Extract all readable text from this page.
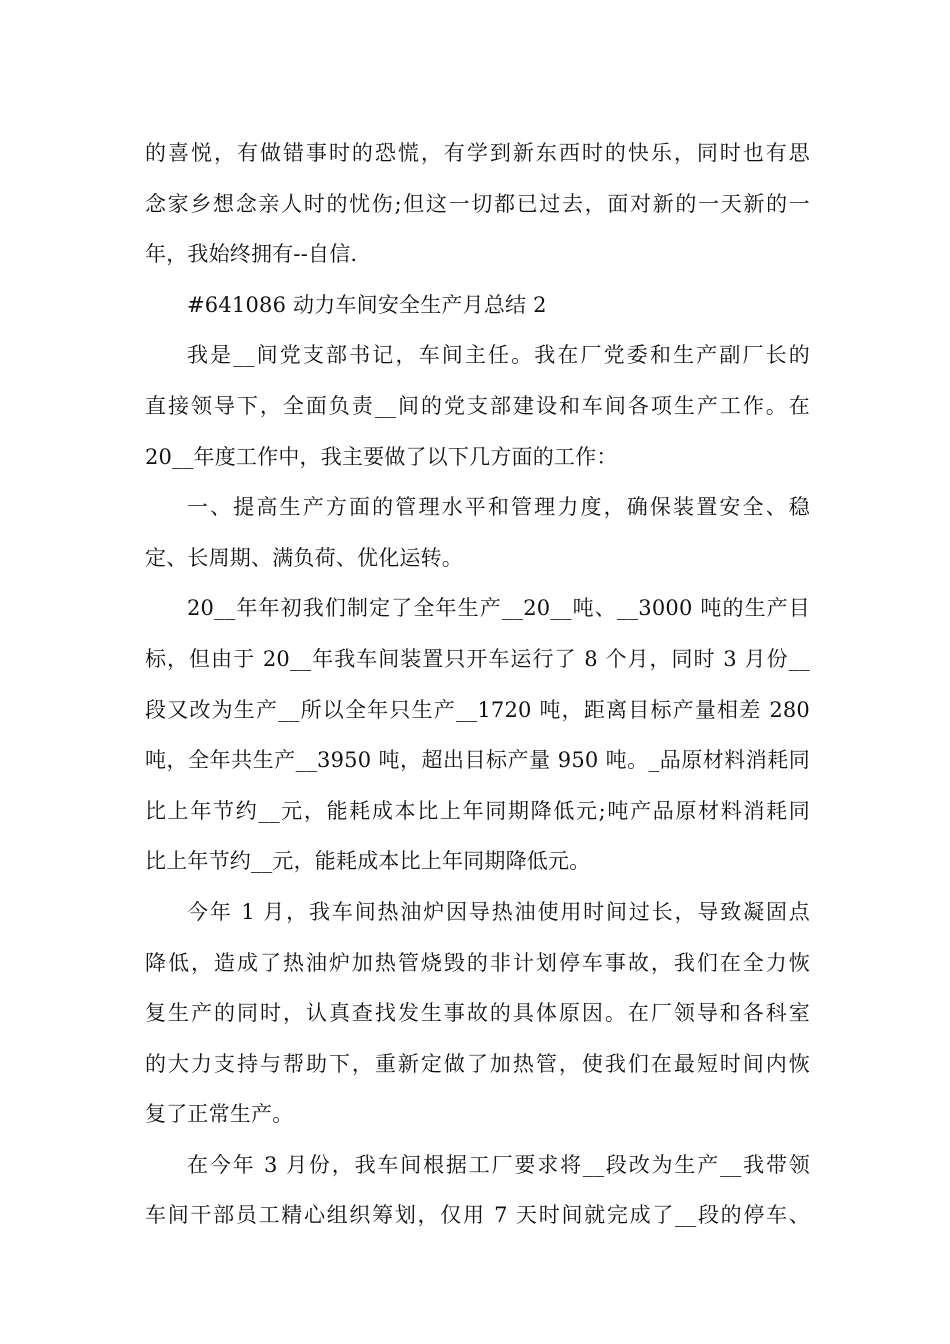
的喜悦，有做错事时的恐慌，有学到新东西时的快乐，同时也有思
念家乡想念亲人时的忧伤;但这一切都已过去，面对新的一天新的一
年，我始终拥有--自信.
#641086 动力车间安全生产月总结 2
我是__间党支部书记，车间主任。我在厂党委和生产副厂长的
直接领导下，全面负责__间的党支部建设和车间各项生产工作。在
20__年度工作中，我主要做了以下几方面的工作：
一、提高生产方面的管理水平和管理力度，确保装置安全、稳
定、长周期、满负荷、优化运转。
20__年年初我们制定了全年生产__20__吨、__3000 吨的生产目
标，但由于 20__年我车间装置只开车运行了 8 个月，同时 3 月份__
段又改为生产__所以全年只生产__1720 吨，距离目标产量相差 280
吨，全年共生产__3950 吨，超出目标产量 950 吨。_品原材料消耗同
比上年节约__元，能耗成本比上年同期降低元;吨产品原材料消耗同
比上年节约__元，能耗成本比上年同期降低元。
今年 1 月，我车间热油炉因导热油使用时间过长，导致凝固点
降低，造成了热油炉加热管烧毁的非计划停车事故，我们在全力恢
复生产的同时，认真查找发生事故的具体原因。在厂领导和各科室
的大力支持与帮助下，重新定做了加热管，使我们在最短时间内恢
复了正常生产。
在今年 3 月份，我车间根据工厂要求将__段改为生产__我带领
车间干部员工精心组织筹划，仅用 7 天时间就完成了__段的停车、
